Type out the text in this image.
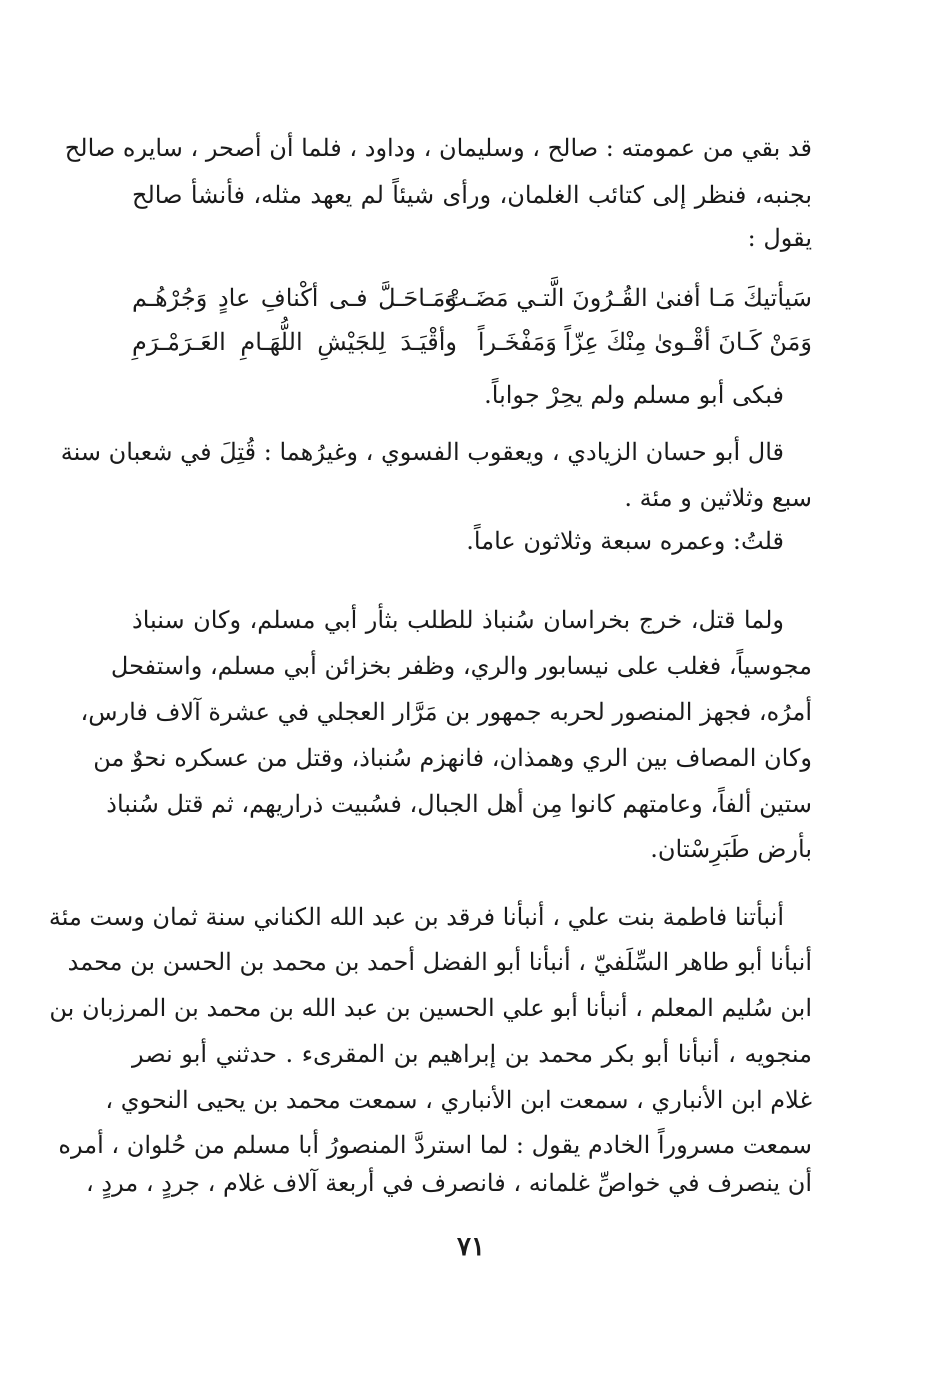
قد بقي من عمومته : صالح ، وسليمان ، وداود ، فلما أن أصحر ، سايره صالح
بجنبه، فنظر إلى كتائب الغلمان، ورأى شيئاً لم يعهد مثله، فأنشأ صالح
يقول :
سَيأتيكَ مَـا أفنىٰ القُـرُونَ الَّتـي مَضَـتْ
وَمَـاحَـلَّ فـى أكْنافِ عادٍ وَجُرْهُـم
وَمَنْ كَـانَ أقْـوىٰ مِنْكَ عِزّاً وَمَفْخَـراً
وأقْيَـدَ لِلجَيْشِ اللُّهَـامِ العَـرَمْـرَمِ
فبكى أبو مسلم ولم يحِرْ جواباً.
قال أبو حسان الزيادي ، ويعقوب الفسوي ، وغيرُهما : قُتِلَ في شعبان سنة
سبع وثلاثين و مئة .
قلتُ: وعمره سبعة وثلاثون عاماً.
ولما قتل، خرج بخراسان سُنباذ للطلب بثأر أبي مسلم، وكان سنباذ
مجوسياً، فغلب على نيسابور والري، وظفر بخزائن أبي مسلم، واستفحل
أمرُه، فجهز المنصور لحربه جمهور بن مَرَّار العجلي في عشرة آلاف فارس،
وكان المصاف بين الري وهمذان، فانهزم سُنباذ، وقتل من عسكره نحوٌ من
ستين ألفاً، وعامتهم كانوا مِن أهل الجبال، فسُبيت ذراريهم، ثم قتل سُنباذ
بأرض طَبَرِسْتان.
أنبأتنا فاطمة بنت علي ، أنبأنا فرقد بن عبد الله الكناني سنة ثمان وست مئة
أنبأنا أبو طاهر السِّلَفيّ ، أنبأنا أبو الفضل أحمد بن محمد بن الحسن بن محمد
ابن سُليم المعلم ، أنبأنا أبو علي الحسين بن عبد الله بن محمد بن المرزبان بن
منجويه ، أنبأنا أبو بكر محمد بن إبراهيم بن المقرىء . حدثني أبو نصر
غلام ابن الأنباري ، سمعت ابن الأنباري ، سمعت محمد بن يحيى النحوي ،
سمعت مسروراً الخادم يقول : لما استردَّ المنصورُ أبا مسلم من حُلوان ، أمره
أن ينصرف في خواصِّ غلمانه ، فانصرف في أربعة آلاف غلام ، جردٍ ، مردٍ ،
٧١
